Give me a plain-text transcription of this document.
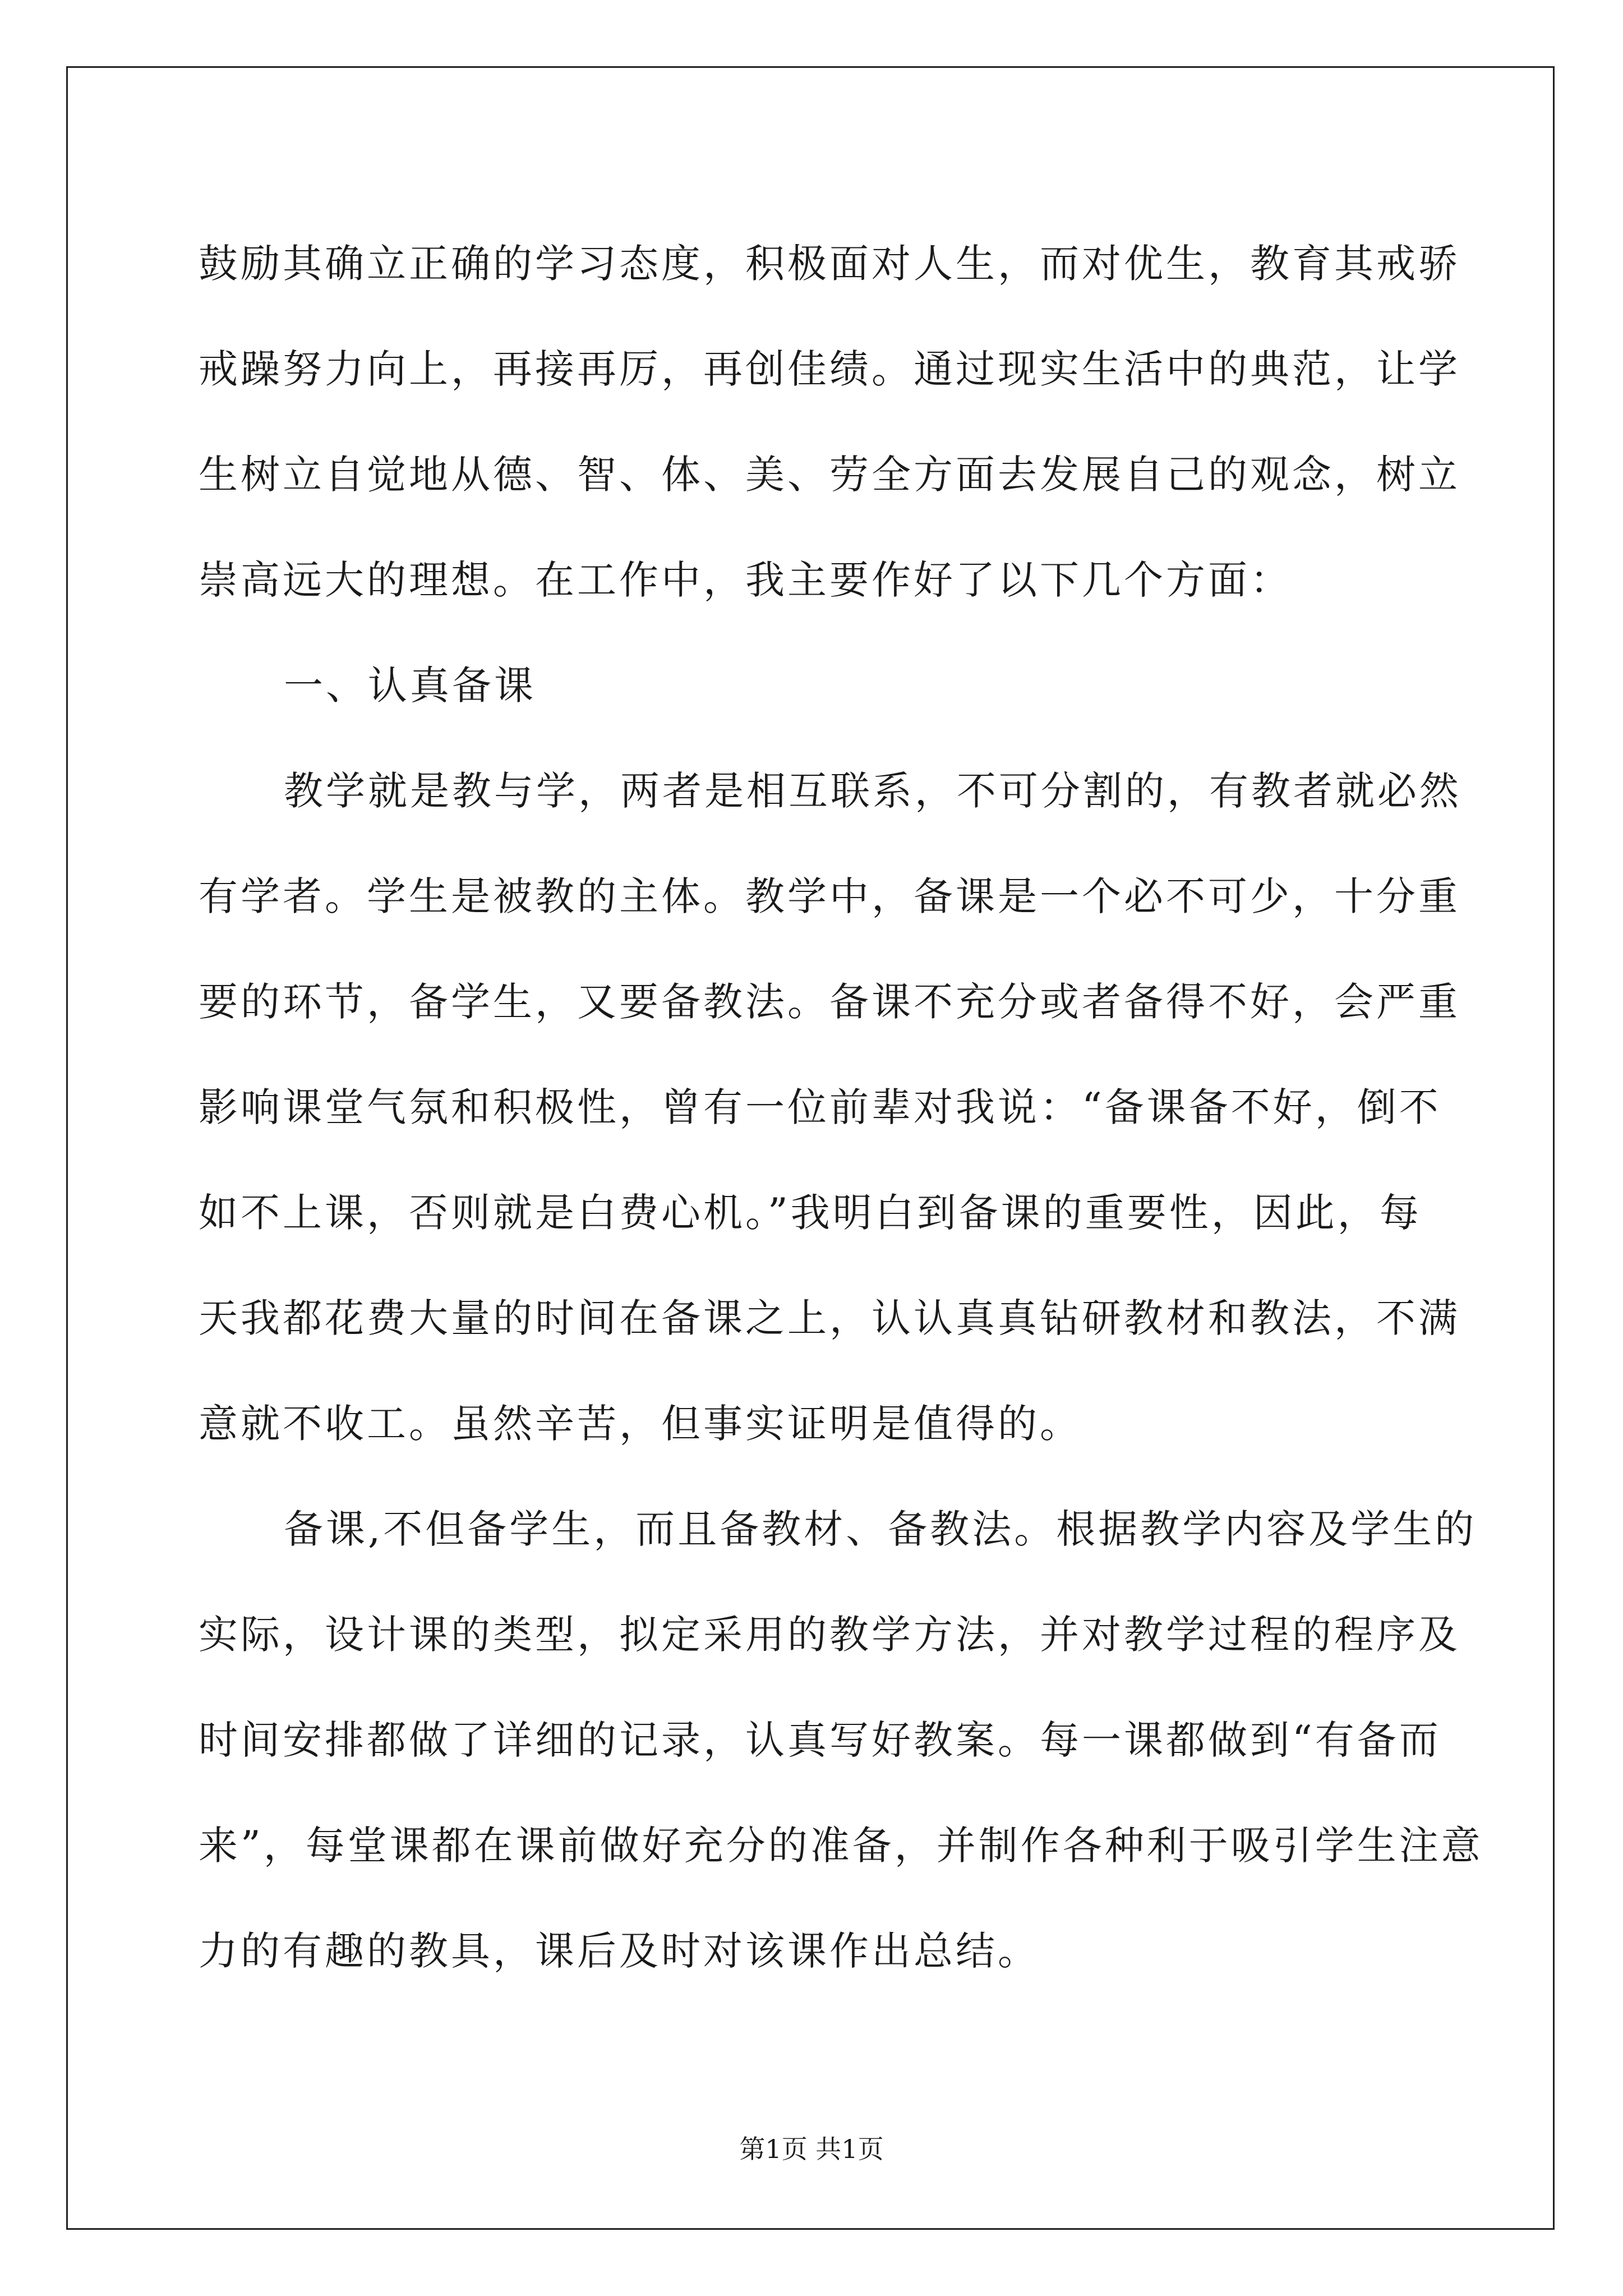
鼓励其确立正确的学习态度，积极面对人生，而对优生，教育其戒骄
戒躁努力向上，再接再厉，再创佳绩。通过现实生活中的典范，让学
生树立自觉地从德、智、体、美、劳全方面去发展自己的观念，树立
崇高远大的理想。在工作中，我主要作好了以下几个方面：
一、认真备课
教学就是教与学，两者是相互联系，不可分割的，有教者就必然
有学者。学生是被教的主体。教学中，备课是一个必不可少，十分重
要的环节，备学生，又要备教法。备课不充分或者备得不好，会严重
影响课堂气氛和积极性，曾有一位前辈对我说：“备课备不好，倒不
如不上课，否则就是白费心机。”我明白到备课的重要性，因此，每
天我都花费大量的时间在备课之上，认认真真钻研教材和教法，不满
意就不收工。虽然辛苦，但事实证明是值得的。
备课,不但备学生，而且备教材、备教法。根据教学内容及学生的
实际，设计课的类型，拟定采用的教学方法，并对教学过程的程序及
时间安排都做了详细的记录，认真写好教案。每一课都做到“有备而
来”，每堂课都在课前做好充分的准备，并制作各种利于吸引学生注意
力的有趣的教具，课后及时对该课作出总结。
第1页 共1页
